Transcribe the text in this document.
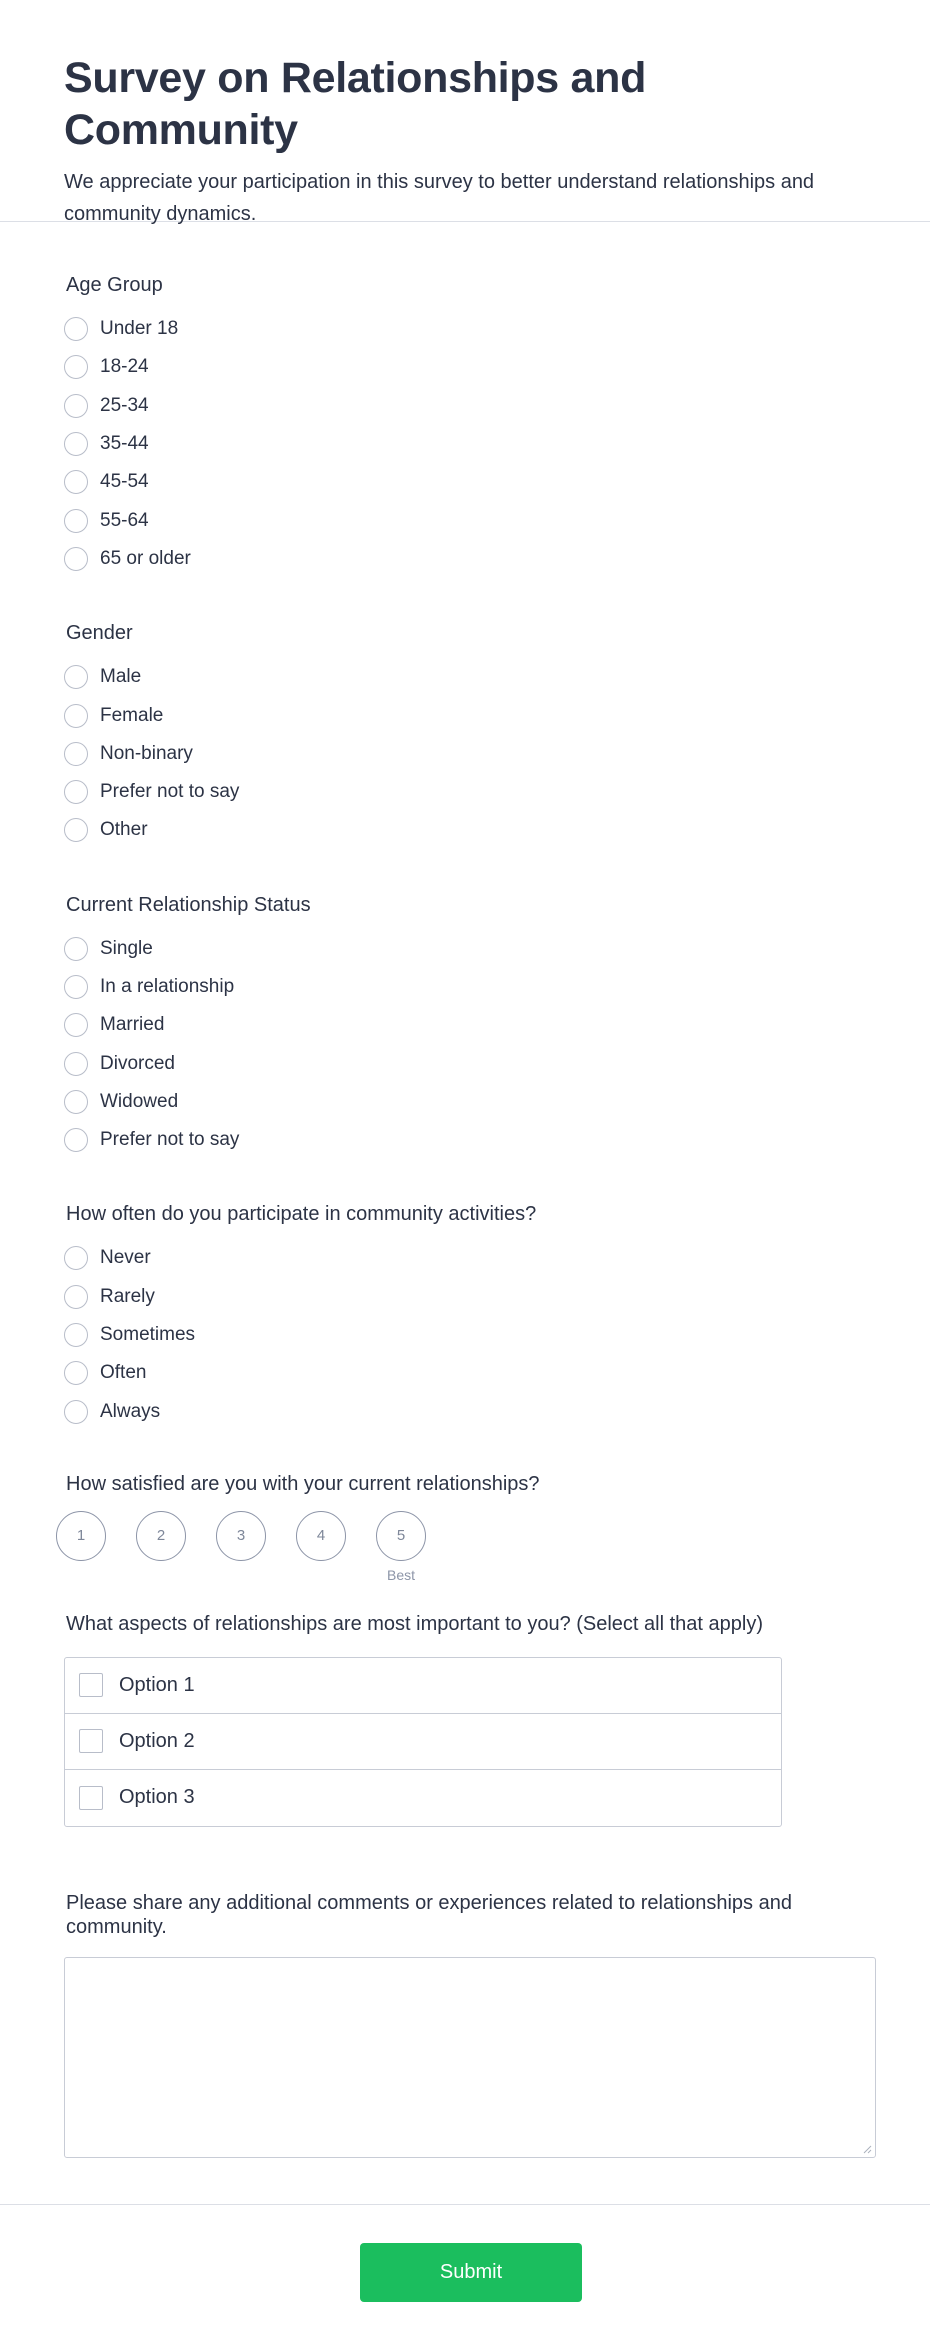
Survey on Relationships and Community

We appreciate your participation in this survey to better understand relationships and community dynamics.

Age Group
Under 18
18-24
25-34
35-44
45-54
55-64
65 or older
Gender
Male
Female
Non-binary
Prefer not to say
Other
Current Relationship Status
Single
In a relationship
Married
Divorced
Widowed
Prefer not to say
How often do you participate in community activities?
Never
Rarely
Sometimes
Often
Always
How satisfied are you with your current relationships?
1	2	3	4	5
Best
What aspects of relationships are most important to you? (Select all that apply)
Option 1
Option 2
Option 3
Please share any additional comments or experiences related to relationships and community.
Submit
